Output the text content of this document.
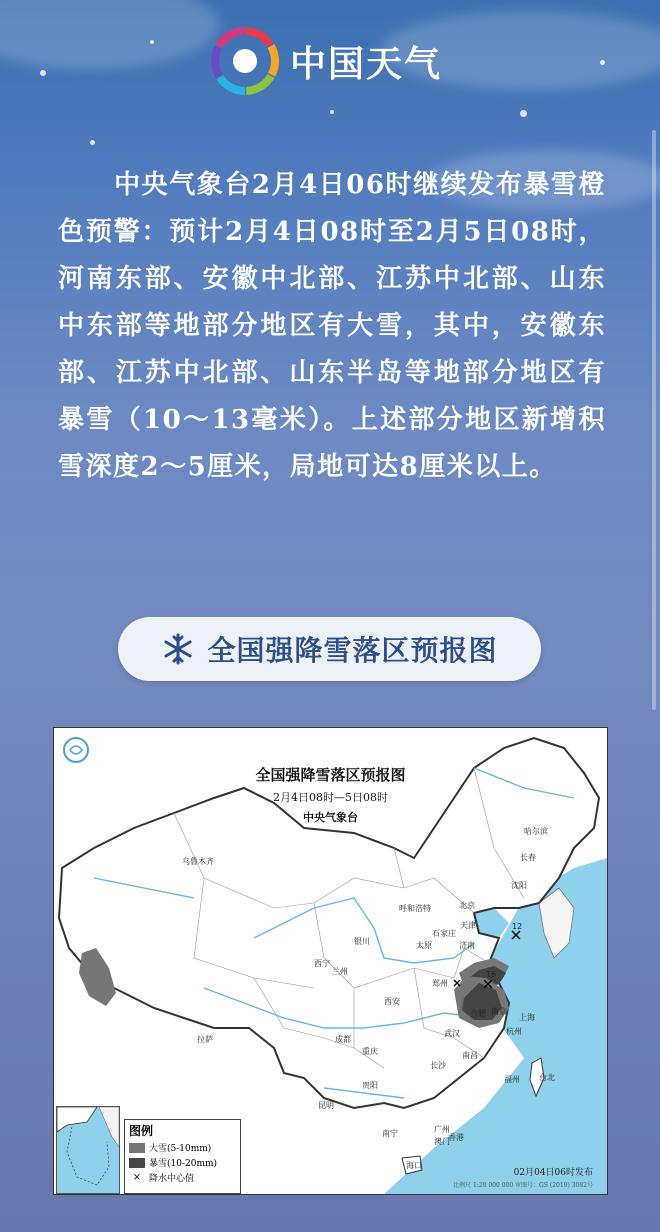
中国天气
中央气象台2月4日06时继续发布暴雪橙色预警：预计2月4日08时至2月5日08时，河南东部、安徽中北部、江苏中北部、山东中东部等地部分地区有大雪，其中，安徽东部、江苏中北部、山东半岛等地部分地区有暴雪（10～13毫米）。上述部分地区新增积雪深度2～5厘米，局地可达8厘米以上。
全国强降雪落区预报图
全国强降雪落区预报图
2月4日08时—5日08时
中央气象台
乌鲁木齐
哈尔滨
长春
沈阳
呼和浩特	北京
天津
银川	太原
石家庄
济南
西宁
兰州
郑州
西安
合肥 南京
上海
杭州
拉萨	成都
武汉
重庆	南昌
长沙
福州 台北
贵阳
昆明
南宁	广州
澳门
香港
海口
12
16
图例
大雪(5-10mm)
暴雪(10-20mm)
× 降水中心值
02月04日06时发布
比例尺 1:20 000 000 审图号：GS (2019) 3082号
